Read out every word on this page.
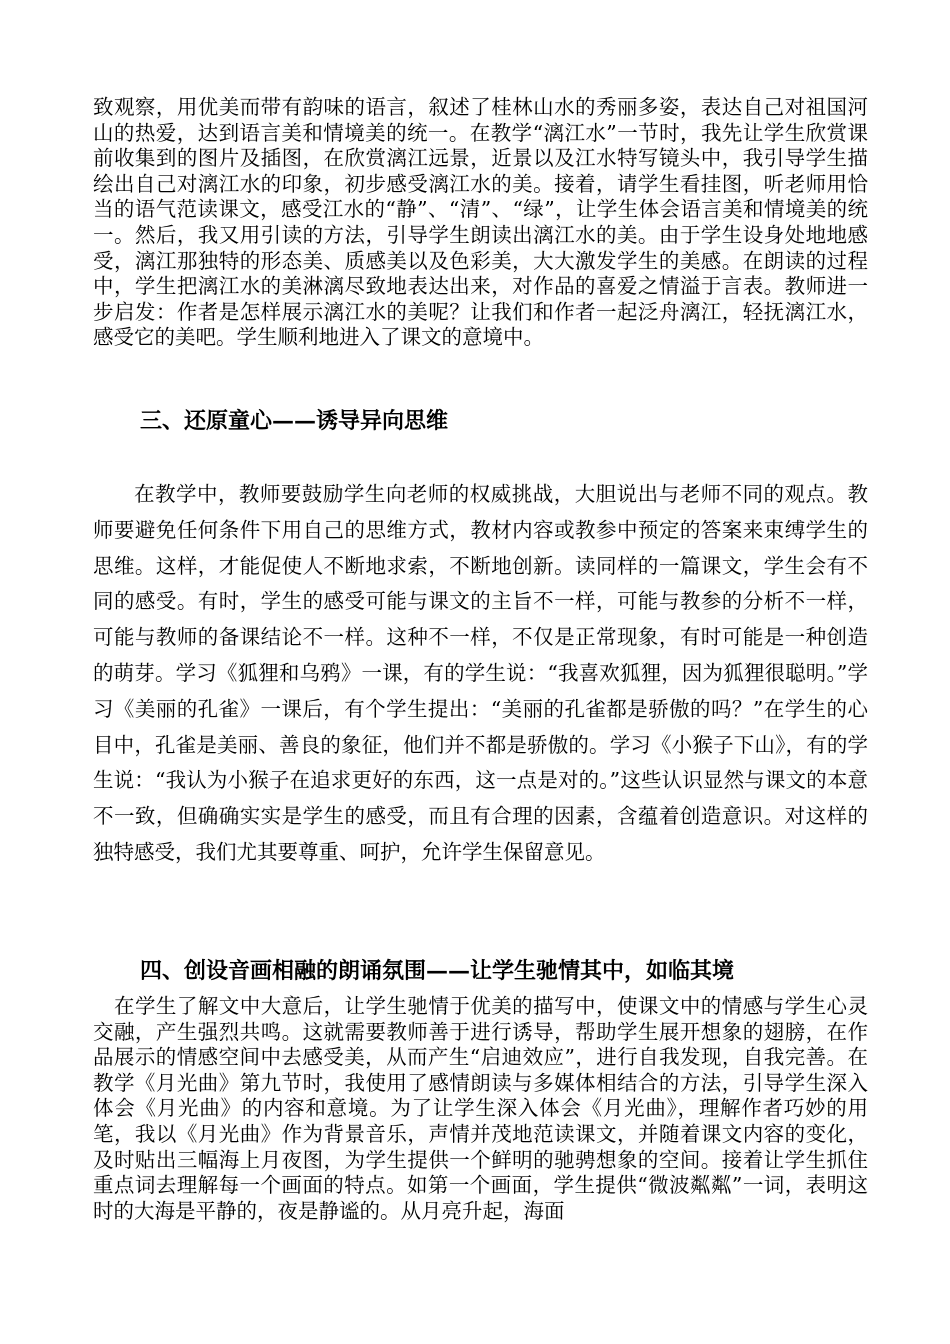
致观察，用优美而带有韵味的语言，叙述了桂林山水的秀丽多姿，表达自己对祖国河山的热爱，达到语言美和情境美的统一。在教学“漓江水”一节时，我先让学生欣赏课前收集到的图片及插图，在欣赏漓江远景，近景以及江水特写镜头中，我引导学生描绘出自己对漓江水的印象，初步感受漓江水的美。接着，请学生看挂图，听老师用恰当的语气范读课文，感受江水的“静”、“清”、“绿”，让学生体会语言美和情境美的统一。然后，我又用引读的方法，引导学生朗读出漓江水的美。由于学生设身处地地感受，漓江那独特的形态美、质感美以及色彩美，大大激发学生的美感。在朗读的过程中，学生把漓江水的美淋漓尽致地表达出来，对作品的喜爱之情溢于言表。教师进一步启发：作者是怎样展示漓江水的美呢？让我们和作者一起泛舟漓江，轻抚漓江水，感受它的美吧。学生顺利地进入了课文的意境中。
三、还原童心——诱导异向思维
在教学中，教师要鼓励学生向老师的权威挑战，大胆说出与老师不同的观点。教师要避免任何条件下用自己的思维方式，教材内容或教参中预定的答案来束缚学生的思维。这样，才能促使人不断地求索，不断地创新。读同样的一篇课文，学生会有不同的感受。有时，学生的感受可能与课文的主旨不一样，可能与教参的分析不一样，可能与教师的备课结论不一样。这种不一样，不仅是正常现象，有时可能是一种创造的萌芽。学习《狐狸和乌鸦》一课，有的学生说：“我喜欢狐狸，因为狐狸很聪明。”学习《美丽的孔雀》一课后，有个学生提出：“美丽的孔雀都是骄傲的吗？”在学生的心目中，孔雀是美丽、善良的象征，他们并不都是骄傲的。学习《小猴子下山》，有的学生说：“我认为小猴子在追求更好的东西，这一点是对的。”这些认识显然与课文的本意不一致，但确确实实是学生的感受，而且有合理的因素，含蕴着创造意识。对这样的独特感受，我们尤其要尊重、呵护，允许学生保留意见。
四、创设音画相融的朗诵氛围——让学生驰情其中，如临其境
在学生了解文中大意后，让学生驰情于优美的描写中，使课文中的情感与学生心灵交融，产生强烈共鸣。这就需要教师善于进行诱导，帮助学生展开想象的翅膀，在作品展示的情感空间中去感受美，从而产生“启迪效应”，进行自我发现，自我完善。在教学《月光曲》第九节时，我使用了感情朗读与多媒体相结合的方法，引导学生深入体会《月光曲》的内容和意境。为了让学生深入体会《月光曲》，理解作者巧妙的用笔，我以《月光曲》作为背景音乐，声情并茂地范读课文，并随着课文内容的变化，及时贴出三幅海上月夜图，为学生提供一个鲜明的驰骋想象的空间。接着让学生抓住重点词去理解每一个画面的特点。如第一个画面，学生提供“微波粼粼”一词，表明这时的大海是平静的，夜是静谧的。从月亮升起，海面
